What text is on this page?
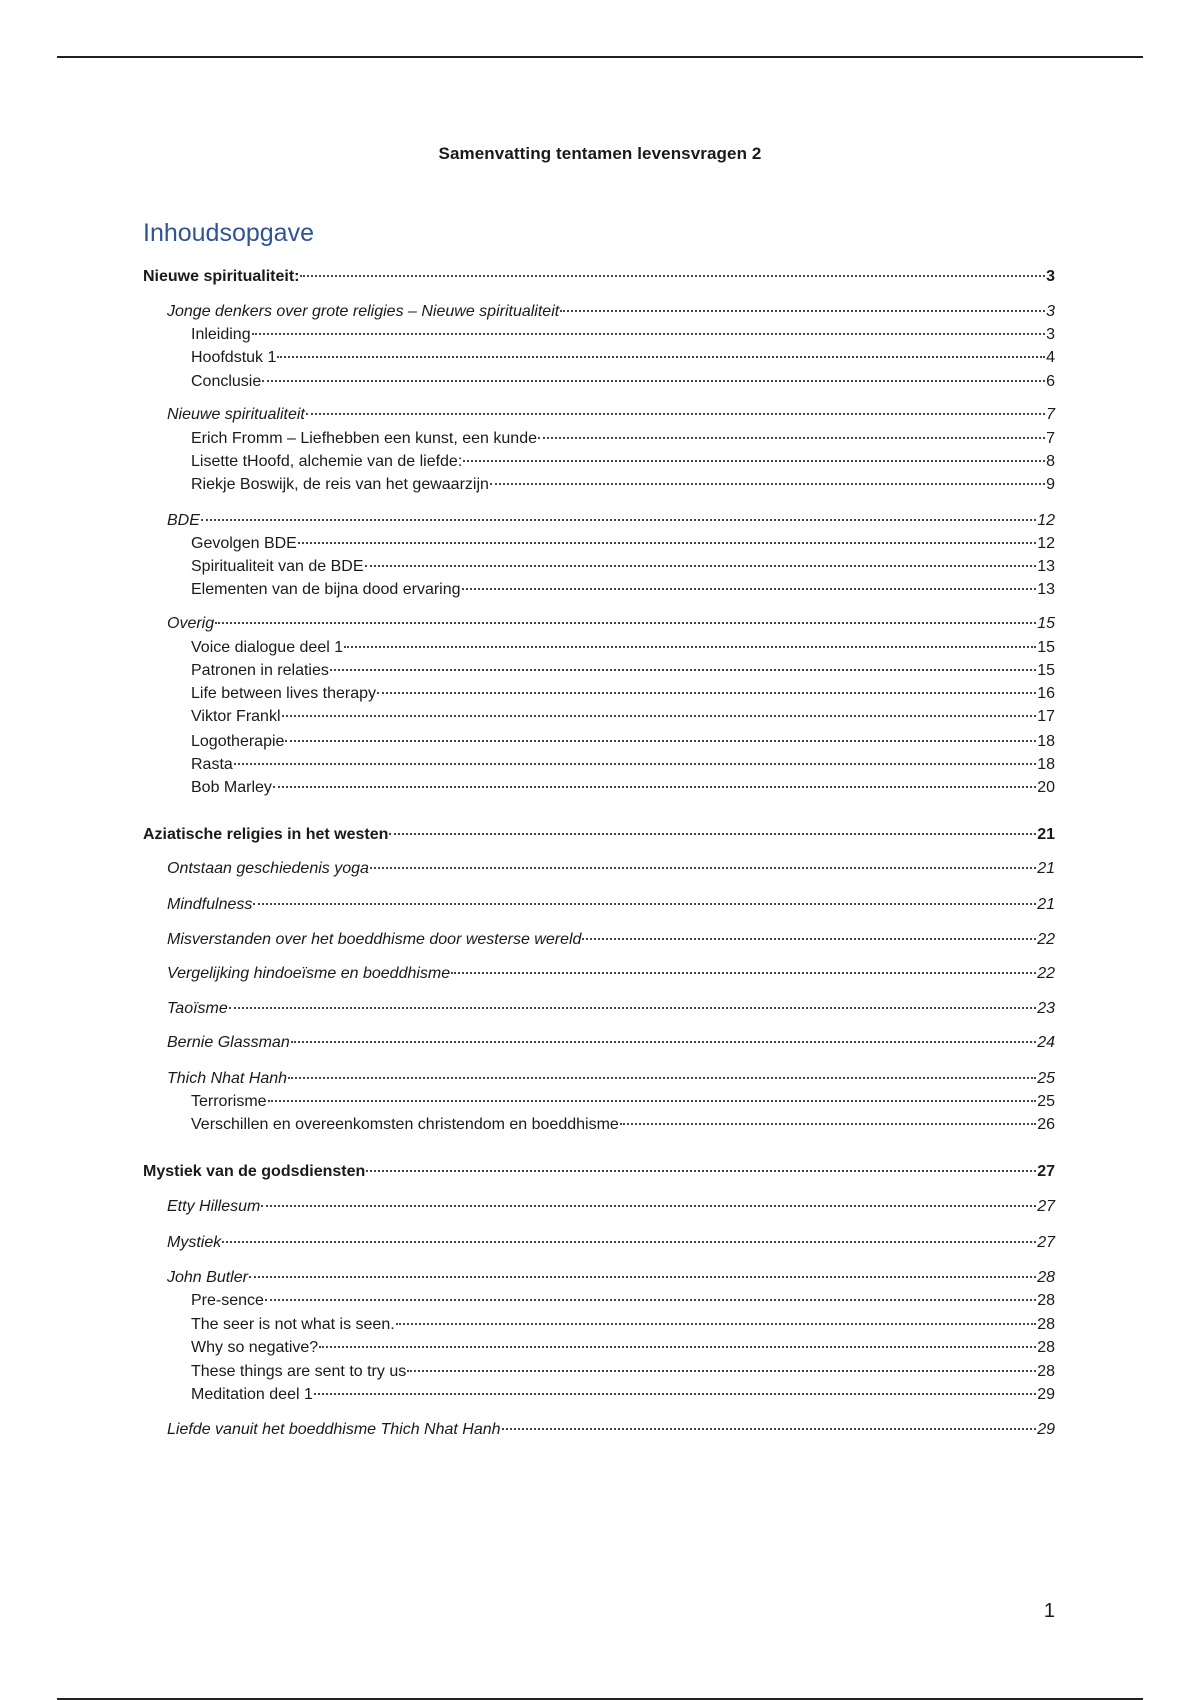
Samenvatting tentamen levensvragen 2
Inhoudsopgave
Nieuwe spiritualiteit:	3
Jonge denkers over grote religies – Nieuwe spiritualiteit	3
Inleiding	3
Hoofdstuk 1	4
Conclusie	6
Nieuwe spiritualiteit	7
Erich Fromm – Liefhebben een kunst, een kunde	7
Lisette tHoofd, alchemie van de liefde:	8
Riekje Boswijk, de reis van het gewaarzijn	9
BDE	12
Gevolgen BDE	12
Spiritualiteit van de BDE	13
Elementen van de bijna dood ervaring	13
Overig	15
Voice dialogue deel 1	15
Patronen in relaties	15
Life between lives therapy	16
Viktor Frankl	17
Logotherapie	18
Rasta	18
Bob Marley	20
Aziatische religies in het westen	21
Ontstaan geschiedenis yoga	21
Mindfulness	21
Misverstanden over het boeddhisme door westerse wereld	22
Vergelijking hindoeïsme en boeddhisme	22
Taoïsme	23
Bernie Glassman	24
Thich Nhat Hanh	25
Terrorisme	25
Verschillen en overeenkomsten christendom en boeddhisme	26
Mystiek van de godsdiensten	27
Etty Hillesum	27
Mystiek	27
John Butler	28
Pre-sence	28
The seer is not what is seen.	28
Why so negative?	28
These things are sent to try us	28
Meditation deel 1	29
Liefde vanuit het boeddhisme Thich Nhat Hanh	29
1
